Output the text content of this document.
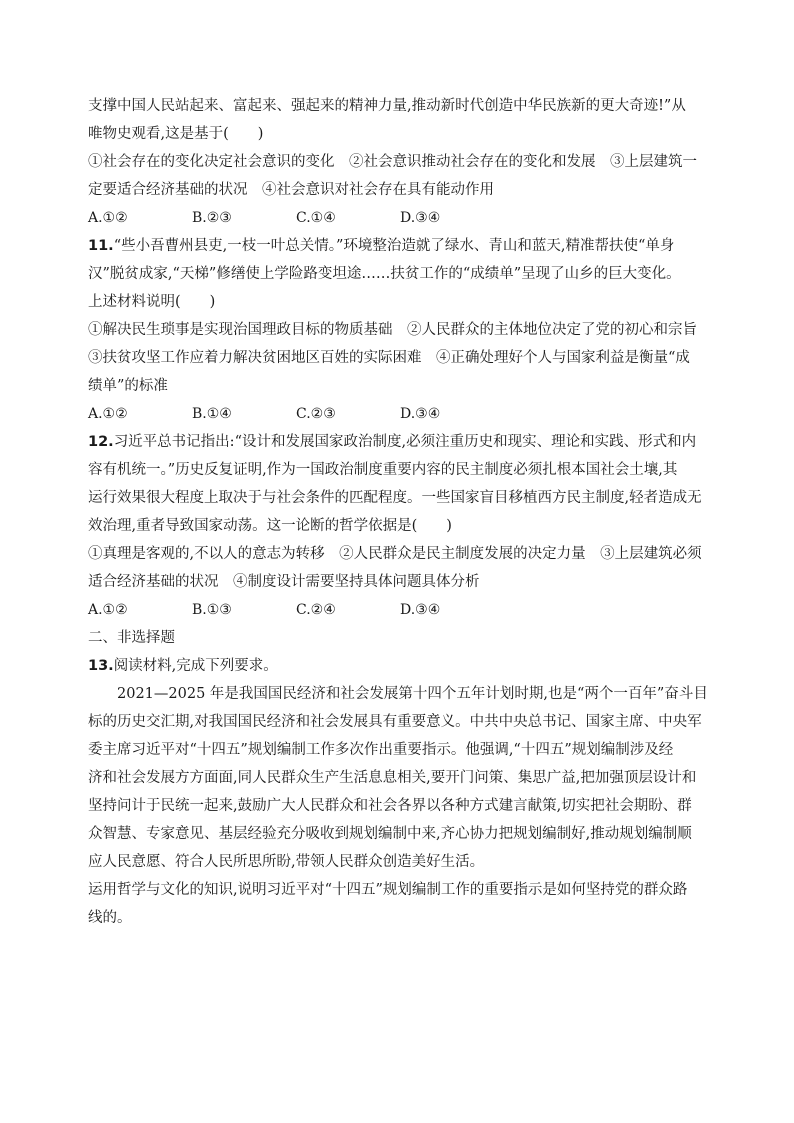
支撑中国人民站起来、富起来、强起来的精神力量,推动新时代创造中华民族新的更大奇迹!”从
唯物史观看,这是基于(　　)
①社会存在的变化决定社会意识的变化　②社会意识推动社会存在的变化和发展　③上层建筑一
定要适合经济基础的状况　④社会意识对社会存在具有能动作用
A.①②	B.②③	C.①④	D.③④
11.“些小吾曹州县吏,一枝一叶总关情。”环境整治造就了绿水、青山和蓝天,精准帮扶使“单身
汉”脱贫成家,“天梯”修缮使上学险路变坦途……扶贫工作的“成绩单”呈现了山乡的巨大变化。
上述材料说明(　　)
①解决民生琐事是实现治国理政目标的物质基础　②人民群众的主体地位决定了党的初心和宗旨
③扶贫攻坚工作应着力解决贫困地区百姓的实际困难　④正确处理好个人与国家利益是衡量“成
绩单”的标准
A.①②	B.①④	C.②③	D.③④
12.习近平总书记指出:“设计和发展国家政治制度,必须注重历史和现实、理论和实践、形式和内
容有机统一。”历史反复证明,作为一国政治制度重要内容的民主制度必须扎根本国社会土壤,其
运行效果很大程度上取决于与社会条件的匹配程度。一些国家盲目移植西方民主制度,轻者造成无
效治理,重者导致国家动荡。这一论断的哲学依据是(　　)
①真理是客观的,不以人的意志为转移　②人民群众是民主制度发展的决定力量　③上层建筑必须
适合经济基础的状况　④制度设计需要坚持具体问题具体分析
A.①②	B.①③	C.②④	D.③④
二、非选择题
13.阅读材料,完成下列要求。
2021—2025 年是我国国民经济和社会发展第十四个五年计划时期,也是“两个一百年”奋斗目
标的历史交汇期,对我国国民经济和社会发展具有重要意义。中共中央总书记、国家主席、中央军
委主席习近平对“十四五”规划编制工作多次作出重要指示。他强调,“十四五”规划编制涉及经
济和社会发展方方面面,同人民群众生产生活息息相关,要开门问策、集思广益,把加强顶层设计和
坚持问计于民统一起来,鼓励广大人民群众和社会各界以各种方式建言献策,切实把社会期盼、群
众智慧、专家意见、基层经验充分吸收到规划编制中来,齐心协力把规划编制好,推动规划编制顺
应人民意愿、符合人民所思所盼,带领人民群众创造美好生活。
运用哲学与文化的知识,说明习近平对“十四五”规划编制工作的重要指示是如何坚持党的群众路
线的。
